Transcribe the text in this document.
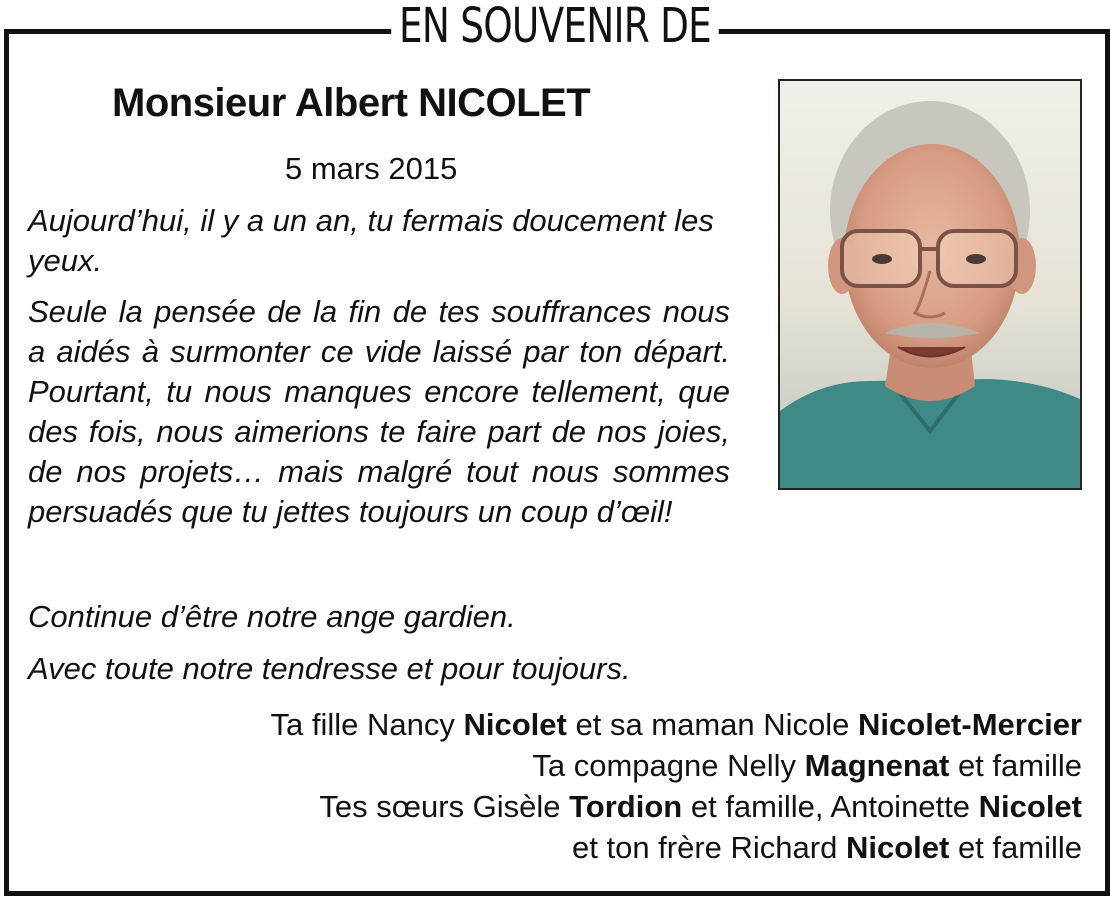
EN SOUVENIR DE
Monsieur Albert NICOLET
5 mars 2015
Aujourd’hui, il y a un an, tu fermais doucement les yeux.
Seule la pensée de la fin de tes souffrances nous a aidés à surmonter ce vide laissé par ton départ. Pourtant, tu nous manques encore tellement, que des fois, nous aimerions te faire part de nos joies, de nos projets… mais malgré tout nous sommes persuadés que tu jettes toujours un coup d’œil!
Continue d’être notre ange gardien.
Avec toute notre tendresse et pour toujours.
Ta fille Nancy Nicolet et sa maman Nicole Nicolet-Mercier
Ta compagne Nelly Magnenat et famille
Tes sœurs Gisèle Tordion et famille, Antoinette Nicolet
et ton frère Richard Nicolet et famille
